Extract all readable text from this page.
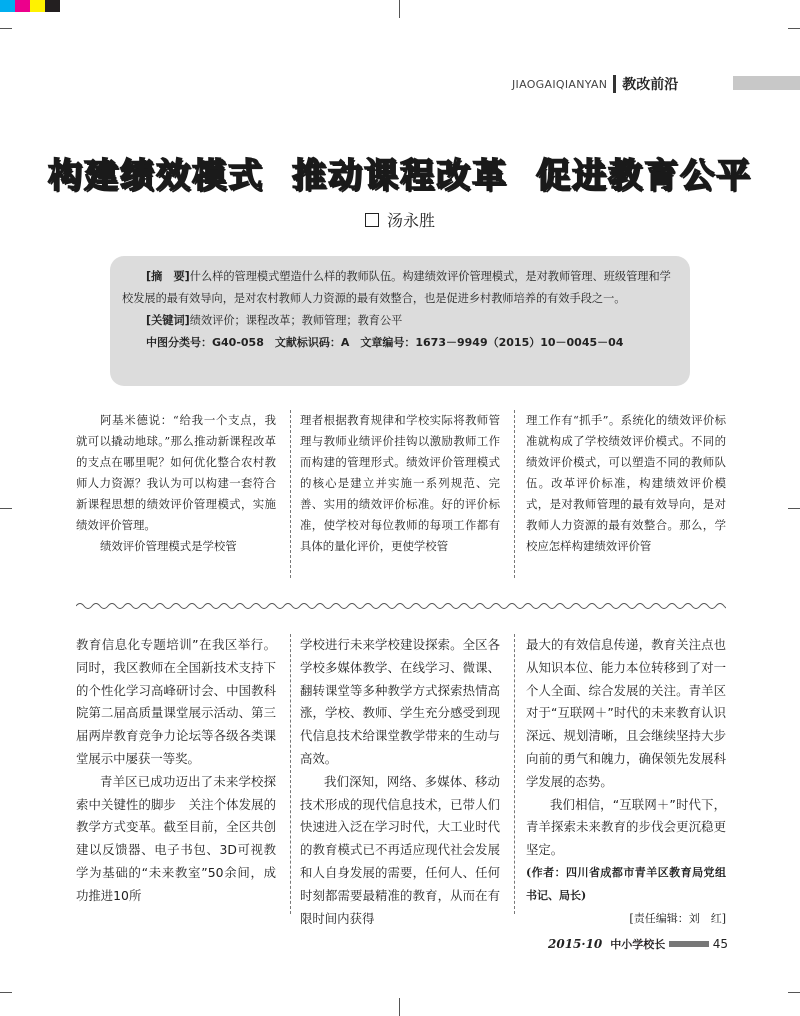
JIAOGAIQIANYAN 教改前沿
构建绩效模式 推动课程改革 促进教育公平
汤永胜

[摘　要]什么样的管理模式塑造什么样的教师队伍。构建绩效评价管理模式，是对教师管理、班级管理和学校发展的最有效导向，是对农村教师人力资源的最有效整合，也是促进乡村教师培养的有效手段之一。

[关键词]绩效评价；课程改革；教师管理；教育公平

中图分类号：G40-058　文献标识码：A　文章编号：1673－9949（2015）10－0045－04

阿基米德说：“给我一个支点，我就可以撬动地球。”那么推动新课程改革的支点在哪里呢？如何优化整合农村教师人力资源？我认为可以构建一套符合新课程思想的绩效评价管理模式，实施绩效评价管理。

绩效评价管理模式是学校管

理者根据教育规律和学校实际将教师管理与教师业绩评价挂钩以激励教师工作而构建的管理形式。绩效评价管理模式的核心是建立并实施一系列规范、完善、实用的绩效评价标准。好的评价标准，使学校对每位教师的每项工作都有具体的量化评价，更使学校管

理工作有“抓手”。系统化的绩效评价标准就构成了学校绩效评价模式。不同的绩效评价模式，可以塑造不同的教师队伍。改革评价标准，构建绩效评价模式，是对教师管理的最有效导向，是对教师人力资源的最有效整合。那么，学校应怎样构建绩效评价管

教育信息化专题培训”在我区举行。同时，我区教师在全国新技术支持下的个性化学习高峰研讨会、中国教科院第二届高质量课堂展示活动、第三届两岸教育竞争力论坛等各级各类课堂展示中屡获一等奖。

青羊区已成功迈出了未来学校探索中关键性的脚步　关注个体发展的教学方式变革。截至目前，全区共创建以反馈器、电子书包、3D可视教学为基础的“未来教室”50余间，成功推进10所

学校进行未来学校建设探索。全区各学校多媒体教学、在线学习、微课、翻转课堂等多种教学方式探索热情高涨，学校、教师、学生充分感受到现代信息技术给课堂教学带来的生动与高效。

我们深知，网络、多媒体、移动技术形成的现代信息技术，已带人们快速进入泛在学习时代，大工业时代的教育模式已不再适应现代社会发展和人自身发展的需要，任何人、任何时刻都需要最精准的教育，从而在有限时间内获得

最大的有效信息传递，教育关注点也从知识本位、能力本位转移到了对一个人全面、综合发展的关注。青羊区对于“互联网＋”时代的未来教育认识深远、规划清晰，且会继续坚持大步向前的勇气和魄力，确保领先发展科学发展的态势。

我们相信，“互联网＋”时代下，青羊探索未来教育的步伐会更沉稳更坚定。

(作者：四川省成都市青羊区教育局党组书记、局长)

[责任编辑：刘　红]

2015·10 中小学校长	45
